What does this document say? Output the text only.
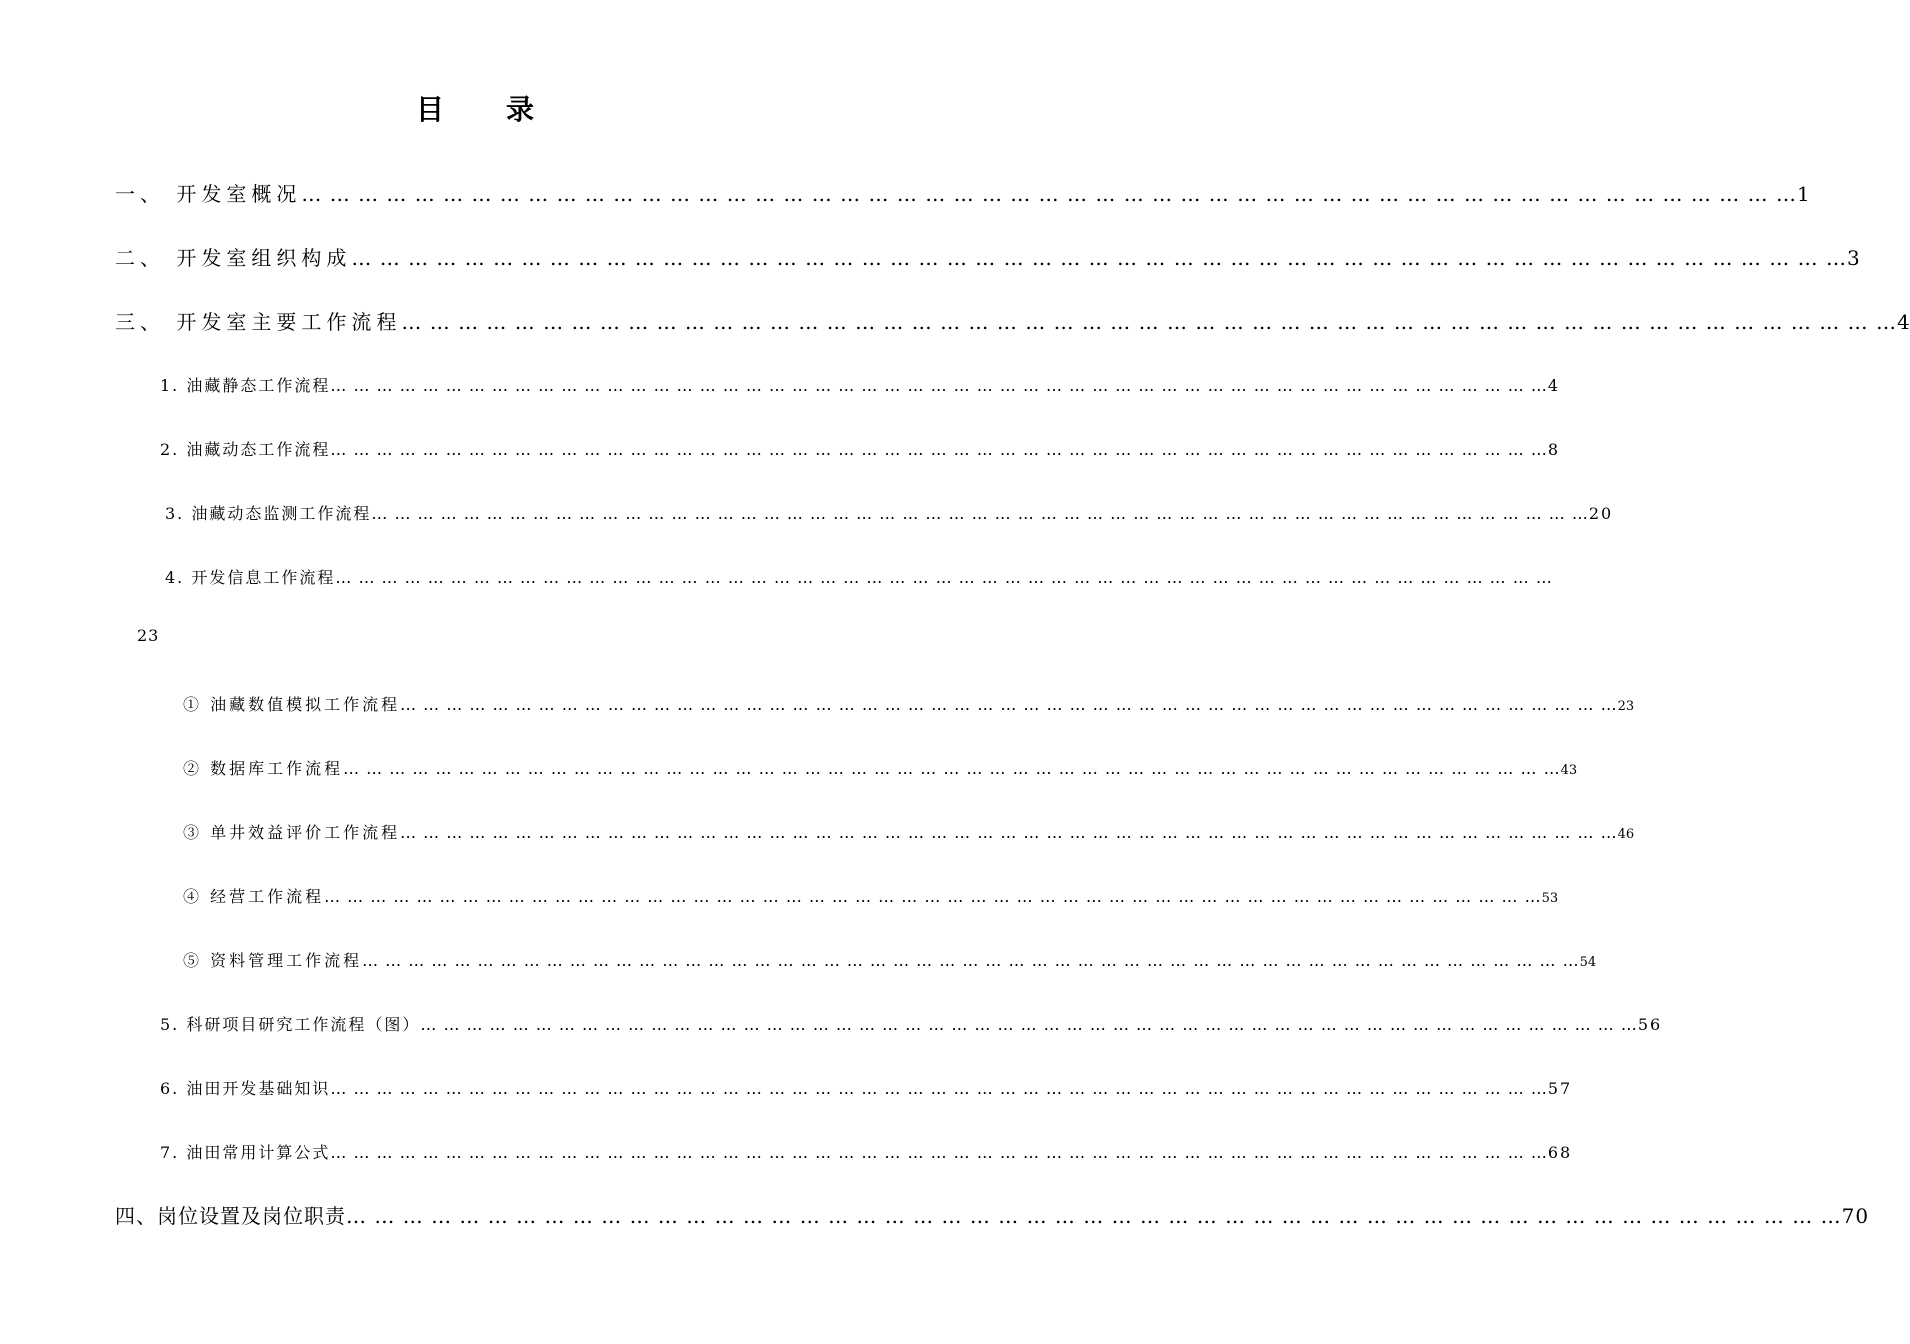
目 录
一、 开发室概况 … … … … … … … … … … … … … … … … … … … … … … … … … … … … … … … … … … … … … … … … … … … … … … … … … … … … … 1
二、 开发室组织构成 … … … … … … … … … … … … … … … … … … … … … … … … … … … … … … … … … … … … … … … … … … … … … … … … … … … … … 3
三、 开发室主要工作流程 … … … … … … … … … … … … … … … … … … … … … … … … … … … … … … … … … … … … … … … … … … … … … … … … … … … … … 4
1. 油藏静态工作流程 … … … … … … … … … … … … … … … … … … … … … … … … … … … … … … … … … … … … … … … … … … … … … … … … … … … … … 4
2. 油藏动态工作流程 … … … … … … … … … … … … … … … … … … … … … … … … … … … … … … … … … … … … … … … … … … … … … … … … … … … … … 8
3. 油藏动态监测工作流程 … … … … … … … … … … … … … … … … … … … … … … … … … … … … … … … … … … … … … … … … … … … … … … … … … … … … … 20
4. 开发信息工作流程 … … … … … … … … … … … … … … … … … … … … … … … … … … … … … … … … … … … … … … … … … … … … … … … … … … … … …
23
① 油藏数值模拟工作流程 … … … … … … … … … … … … … … … … … … … … … … … … … … … … … … … … … … … … … … … … … … … … … … … … … … … … … 23
② 数据库工作流程 … … … … … … … … … … … … … … … … … … … … … … … … … … … … … … … … … … … … … … … … … … … … … … … … … … … … … 43
③ 单井效益评价工作流程 … … … … … … … … … … … … … … … … … … … … … … … … … … … … … … … … … … … … … … … … … … … … … … … … … … … … … 46
④ 经营工作流程 … … … … … … … … … … … … … … … … … … … … … … … … … … … … … … … … … … … … … … … … … … … … … … … … … … … … … 53
⑤ 资料管理工作流程 … … … … … … … … … … … … … … … … … … … … … … … … … … … … … … … … … … … … … … … … … … … … … … … … … … … … … 54
5. 科研项目研究工作流程（图） … … … … … … … … … … … … … … … … … … … … … … … … … … … … … … … … … … … … … … … … … … … … … … … … … … … … … 56
6. 油田开发基础知识 … … … … … … … … … … … … … … … … … … … … … … … … … … … … … … … … … … … … … … … … … … … … … … … … … … … … … 57
7. 油田常用计算公式 … … … … … … … … … … … … … … … … … … … … … … … … … … … … … … … … … … … … … … … … … … … … … … … … … … … … … 68
四、岗位设置及岗位职责 … … … … … … … … … … … … … … … … … … … … … … … … … … … … … … … … … … … … … … … … … … … … … … … … … … … … … 70
